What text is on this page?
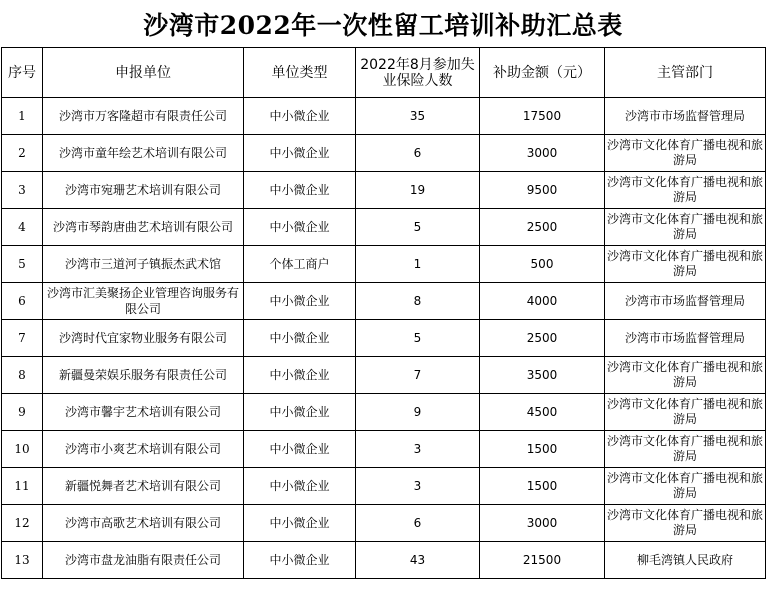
沙湾市2022年一次性留工培训补助汇总表
序号	申报单位	单位类型	2022年8月参加失业保险人数	补助金额（元）	主管部门
1	沙湾市万客隆超市有限责任公司	中小微企业	35	17500	沙湾市市场监督管理局
2	沙湾市童年绘艺术培训有限公司	中小微企业	6	3000	沙湾市文化体育广播电视和旅游局
3	沙湾市宛珊艺术培训有限公司	中小微企业	19	9500	沙湾市文化体育广播电视和旅游局
4	沙湾市琴韵唐曲艺术培训有限公司	中小微企业	5	2500	沙湾市文化体育广播电视和旅游局
5	沙湾市三道河子镇振杰武术馆	个体工商户	1	500	沙湾市文化体育广播电视和旅游局
6	沙湾市汇美聚扬企业管理咨询服务有限公司	中小微企业	8	4000	沙湾市市场监督管理局
7	沙湾时代宜家物业服务有限公司	中小微企业	5	2500	沙湾市市场监督管理局
8	新疆曼荣娱乐服务有限责任公司	中小微企业	7	3500	沙湾市文化体育广播电视和旅游局
9	沙湾市馨宇艺术培训有限公司	中小微企业	9	4500	沙湾市文化体育广播电视和旅游局
10	沙湾市小爽艺术培训有限公司	中小微企业	3	1500	沙湾市文化体育广播电视和旅游局
11	新疆悦舞者艺术培训有限公司	中小微企业	3	1500	沙湾市文化体育广播电视和旅游局
12	沙湾市高歌艺术培训有限公司	中小微企业	6	3000	沙湾市文化体育广播电视和旅游局
13	沙湾市盘龙油脂有限责任公司	中小微企业	43	21500	柳毛湾镇人民政府
